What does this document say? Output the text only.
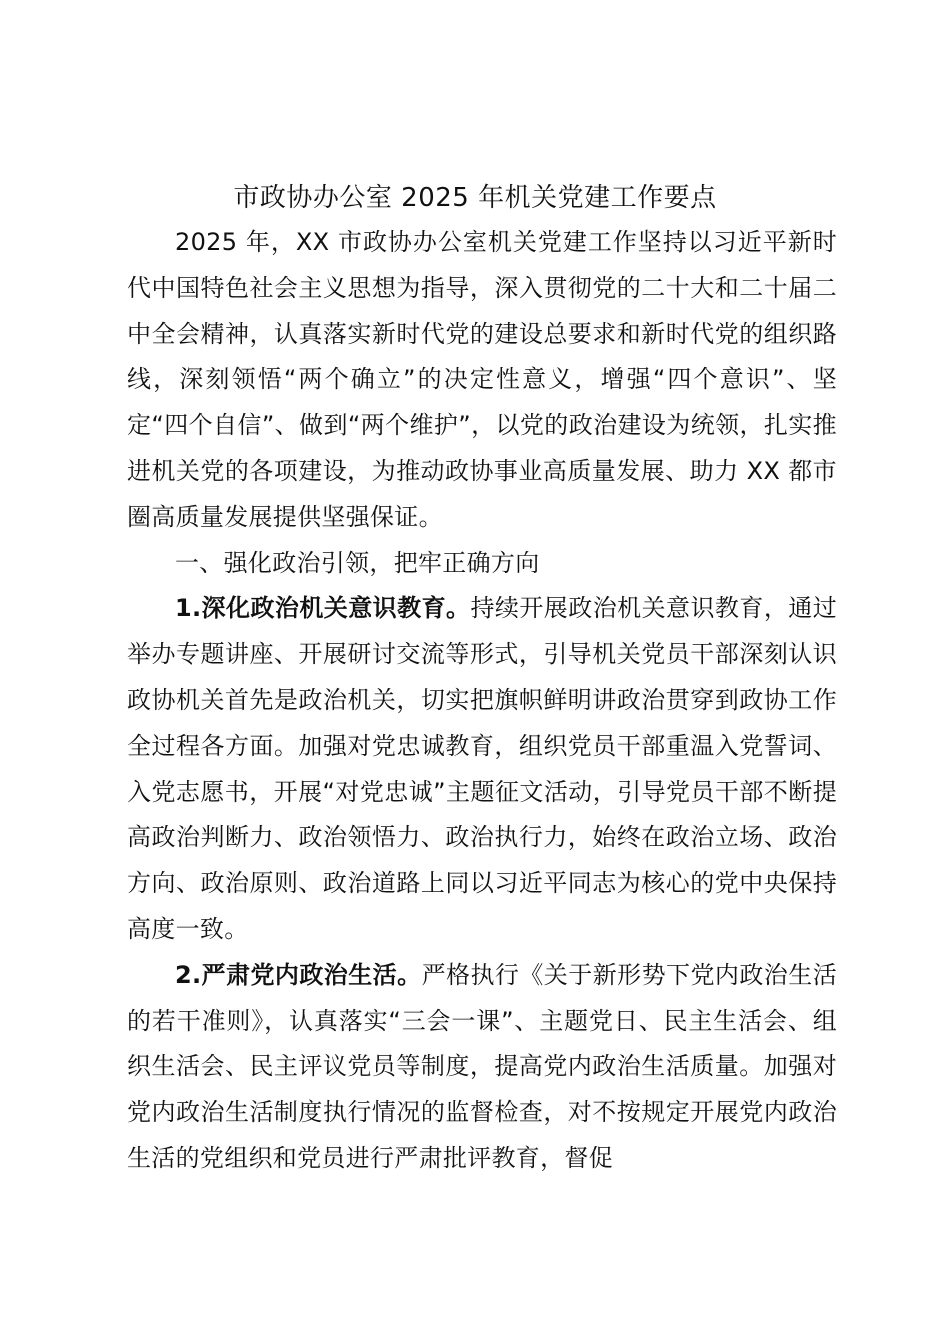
市政协办公室 2025 年机关党建工作要点

2025 年，XX 市政协办公室机关党建工作坚持以习近平新时代中国特色社会主义思想为指导，深入贯彻党的二十大和二十届二中全会精神，认真落实新时代党的建设总要求和新时代党的组织路线，深刻领悟“两个确立”的决定性意义，增强“四个意识”、坚定“四个自信”、做到“两个维护”，以党的政治建设为统领，扎实推进机关党的各项建设，为推动政协事业高质量发展、助力 XX 都市圈高质量发展提供坚强保证。

一、强化政治引领，把牢正确方向

1.深化政治机关意识教育。持续开展政治机关意识教育，通过举办专题讲座、开展研讨交流等形式，引导机关党员干部深刻认识政协机关首先是政治机关，切实把旗帜鲜明讲政治贯穿到政协工作全过程各方面。加强对党忠诚教育，组织党员干部重温入党誓词、入党志愿书，开展“对党忠诚”主题征文活动，引导党员干部不断提高政治判断力、政治领悟力、政治执行力，始终在政治立场、政治方向、政治原则、政治道路上同以习近平同志为核心的党中央保持高度一致。

2.严肃党内政治生活。严格执行《关于新形势下党内政治生活的若干准则》，认真落实“三会一课”、主题党日、民主生活会、组织生活会、民主评议党员等制度，提高党内政治生活质量。加强对党内政治生活制度执行情况的监督检查，对不按规定开展党内政治生活的党组织和党员进行严肃批评教育，督促
